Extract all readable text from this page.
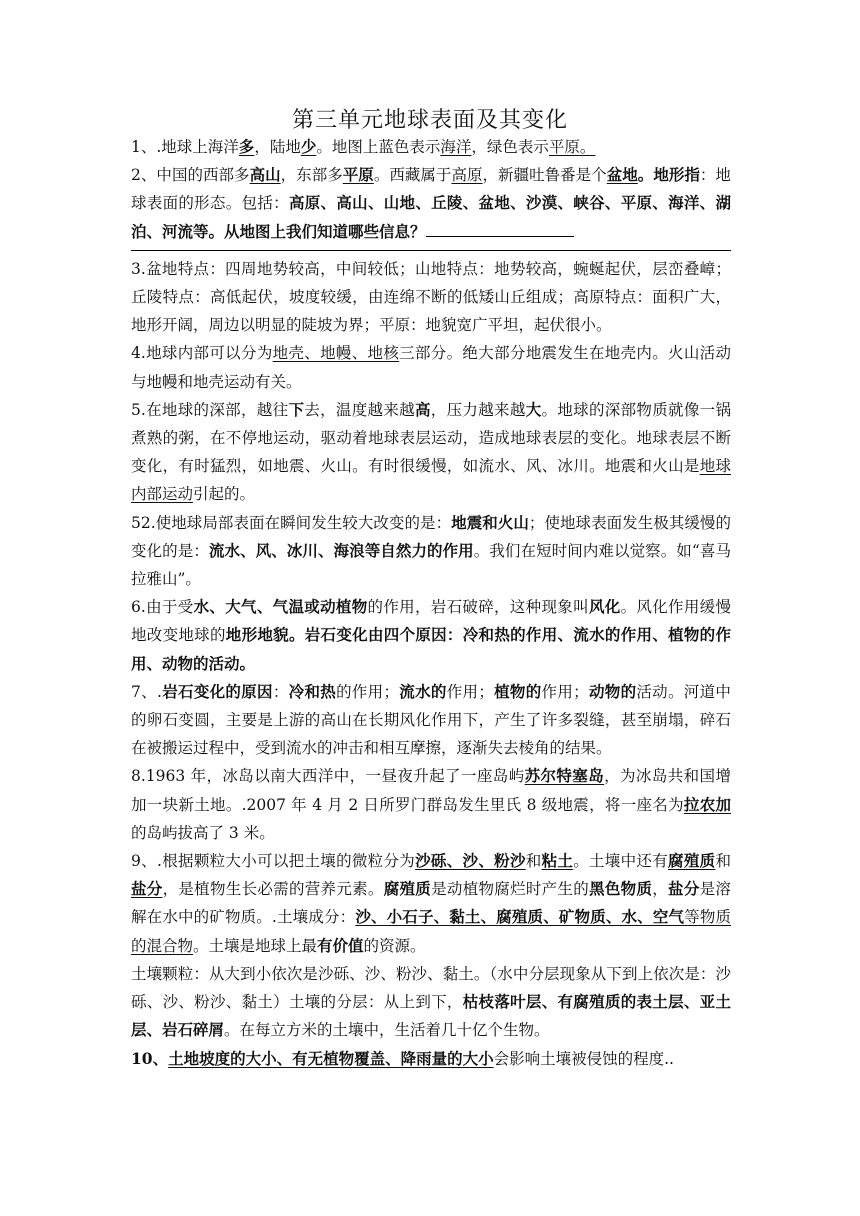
第三单元地球表面及其变化

1、.地球上海洋多，陆地少。地图上蓝色表示海洋，绿色表示平原。

2、中国的西部多高山，东部多平原。西藏属于高原，新疆吐鲁番是个盆地。地形指：地球表面的形态。包括：高原、高山、山地、丘陵、盆地、沙漠、峡谷、平原、海洋、湖泊、河流等。从地图上我们知道哪些信息？

3.盆地特点：四周地势较高，中间较低；山地特点：地势较高，蜿蜒起伏，层峦叠嶂；丘陵特点：高低起伏，坡度较缓，由连绵不断的低矮山丘组成；高原特点：面积广大，地形开阔，周边以明显的陡坡为界；平原：地貌宽广平坦，起伏很小。

4.地球内部可以分为地壳、地幔、地核三部分。绝大部分地震发生在地壳内。火山活动与地幔和地壳运动有关。

5.在地球的深部，越往下去，温度越来越高，压力越来越大。地球的深部物质就像一锅煮熟的粥，在不停地运动，驱动着地球表层运动，造成地球表层的变化。地球表层不断变化，有时猛烈，如地震、火山。有时很缓慢，如流水、风、冰川。地震和火山是地球内部运动引起的。

52.使地球局部表面在瞬间发生较大改变的是：地震和火山；使地球表面发生极其缓慢的变化的是：流水、风、冰川、海浪等自然力的作用。我们在短时间内难以觉察。如“喜马拉雅山”。

6.由于受水、大气、气温或动植物的作用，岩石破碎，这种现象叫风化。风化作用缓慢地改变地球的地形地貌。岩石变化由四个原因：冷和热的作用、流水的作用、植物的作用、动物的活动。

7、.岩石变化的原因：冷和热的作用；流水的作用；植物的作用；动物的活动。河道中的卵石变圆，主要是上游的高山在长期风化作用下，产生了许多裂缝，甚至崩塌，碎石在被搬运过程中，受到流水的冲击和相互摩擦，逐渐失去棱角的结果。

8.1963 年，冰岛以南大西洋中，一昼夜升起了一座岛屿苏尔特塞岛，为冰岛共和国增加一块新土地。.2007 年 4 月 2 日所罗门群岛发生里氏 8 级地震，将一座名为拉农加的岛屿拔高了 3 米。

9、.根据颗粒大小可以把土壤的微粒分为沙砾、沙、粉沙和粘土。土壤中还有腐殖质和盐分，是植物生长必需的营养元素。腐殖质是动植物腐烂时产生的黑色物质，盐分是溶解在水中的矿物质。.土壤成分：沙、小石子、黏土、腐殖质、矿物质、水、空气等物质的混合物。土壤是地球上最有价值的资源。

土壤颗粒：从大到小依次是沙砾、沙、粉沙、黏土。（水中分层现象从下到上依次是：沙砾、沙、粉沙、黏土）土壤的分层：从上到下，枯枝落叶层、有腐殖质的表土层、亚土层、岩石碎屑。在每立方米的土壤中，生活着几十亿个生物。

10、土地坡度的大小、有无植物覆盖、降雨量的大小会影响土壤被侵蚀的程度..
